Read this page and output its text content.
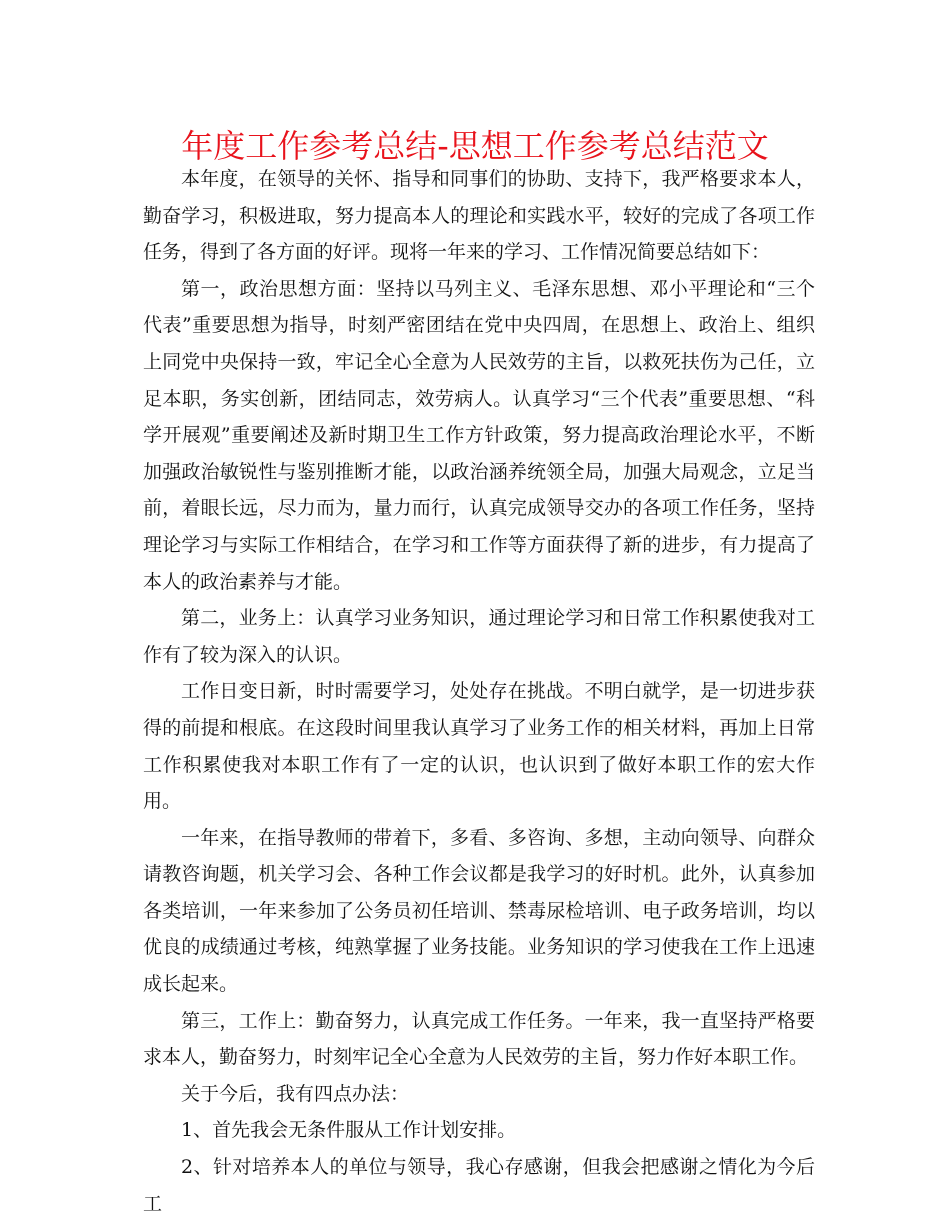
年度工作参考总结-思想工作参考总结范文

本年度，在领导的关怀、指导和同事们的协助、支持下，我严格要求本人，勤奋学习，积极进取，努力提高本人的理论和实践水平，较好的完成了各项工作任务，得到了各方面的好评。现将一年来的学习、工作情况简要总结如下：

第一，政治思想方面：坚持以马列主义、毛泽东思想、邓小平理论和“三个代表”重要思想为指导，时刻严密团结在党中央四周，在思想上、政治上、组织上同党中央保持一致，牢记全心全意为人民效劳的主旨，以救死扶伤为己任，立足本职，务实创新，团结同志，效劳病人。认真学习“三个代表”重要思想、“科学开展观”重要阐述及新时期卫生工作方针政策，努力提高政治理论水平，不断加强政治敏锐性与鉴别推断才能，以政治涵养统领全局，加强大局观念，立足当前，着眼长远，尽力而为，量力而行，认真完成领导交办的各项工作任务，坚持理论学习与实际工作相结合，在学习和工作等方面获得了新的进步，有力提高了本人的政治素养与才能。

第二，业务上：认真学习业务知识，通过理论学习和日常工作积累使我对工作有了较为深入的认识。

工作日变日新，时时需要学习，处处存在挑战。不明白就学，是一切进步获得的前提和根底。在这段时间里我认真学习了业务工作的相关材料，再加上日常工作积累使我对本职工作有了一定的认识，也认识到了做好本职工作的宏大作用。

一年来，在指导教师的带着下，多看、多咨询、多想，主动向领导、向群众请教咨询题，机关学习会、各种工作会议都是我学习的好时机。此外，认真参加各类培训，一年来参加了公务员初任培训、禁毒尿检培训、电子政务培训，均以优良的成绩通过考核，纯熟掌握了业务技能。业务知识的学习使我在工作上迅速成长起来。

第三，工作上：勤奋努力，认真完成工作任务。一年来，我一直坚持严格要求本人，勤奋努力，时刻牢记全心全意为人民效劳的主旨，努力作好本职工作。

关于今后，我有四点办法：

1、首先我会无条件服从工作计划安排。

2、针对培养本人的单位与领导，我心存感谢，但我会把感谢之情化为今后工
